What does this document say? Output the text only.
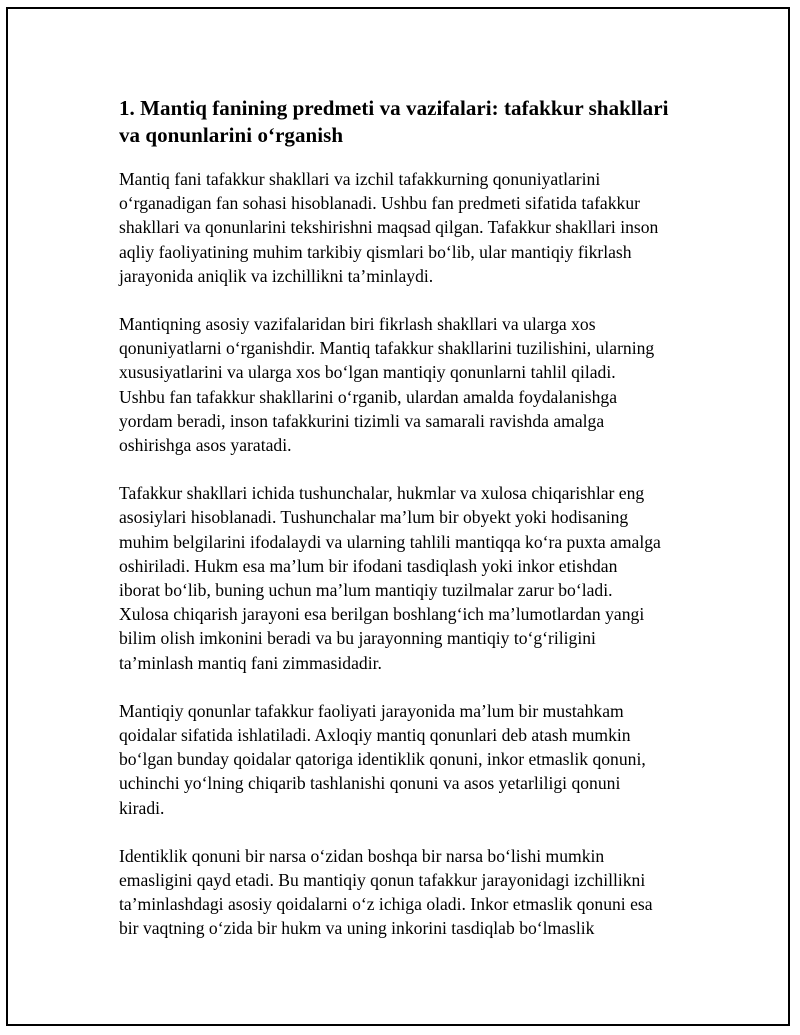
1. Mantiq fanining predmeti va vazifalari: tafakkur shakllari
va qonunlarini o‘rganish

Mantiq fani tafakkur shakllari va izchil tafakkurning qonuniyatlarini
o‘rganadigan fan sohasi hisoblanadi. Ushbu fan predmeti sifatida tafakkur
shakllari va qonunlarini tekshirishni maqsad qilgan. Tafakkur shakllari inson
aqliy faoliyatining muhim tarkibiy qismlari bo‘lib, ular mantiqiy fikrlash
jarayonida aniqlik va izchillikni ta’minlaydi.

Mantiqning asosiy vazifalaridan biri fikrlash shakllari va ularga xos
qonuniyatlarni o‘rganishdir. Mantiq tafakkur shakllarini tuzilishini, ularning
xususiyatlarini va ularga xos bo‘lgan mantiqiy qonunlarni tahlil qiladi.
Ushbu fan tafakkur shakllarini o‘rganib, ulardan amalda foydalanishga
yordam beradi, inson tafakkurini tizimli va samarali ravishda amalga
oshirishga asos yaratadi.

Tafakkur shakllari ichida tushunchalar, hukmlar va xulosa chiqarishlar eng
asosiylari hisoblanadi. Tushunchalar ma’lum bir obyekt yoki hodisaning
muhim belgilarini ifodalaydi va ularning tahlili mantiqqa ko‘ra puxta amalga
oshiriladi. Hukm esa ma’lum bir ifodani tasdiqlash yoki inkor etishdan
iborat bo‘lib, buning uchun ma’lum mantiqiy tuzilmalar zarur bo‘ladi.
Xulosa chiqarish jarayoni esa berilgan boshlang‘ich ma’lumotlardan yangi
bilim olish imkonini beradi va bu jarayonning mantiqiy to‘g‘riligini
ta’minlash mantiq fani zimmasidadir.

Mantiqiy qonunlar tafakkur faoliyati jarayonida ma’lum bir mustahkam
qoidalar sifatida ishlatiladi. Axloqiy mantiq qonunlari deb atash mumkin
bo‘lgan bunday qoidalar qatoriga identiklik qonuni, inkor etmaslik qonuni,
uchinchi yo‘lning chiqarib tashlanishi qonuni va asos yetarliligi qonuni
kiradi.

Identiklik qonuni bir narsa o‘zidan boshqa bir narsa bo‘lishi mumkin
emasligini qayd etadi. Bu mantiqiy qonun tafakkur jarayonidagi izchillikni
ta’minlashdagi asosiy qoidalarni o‘z ichiga oladi. Inkor etmaslik qonuni esa
bir vaqtning o‘zida bir hukm va uning inkorini tasdiqlab bo‘lmaslik
